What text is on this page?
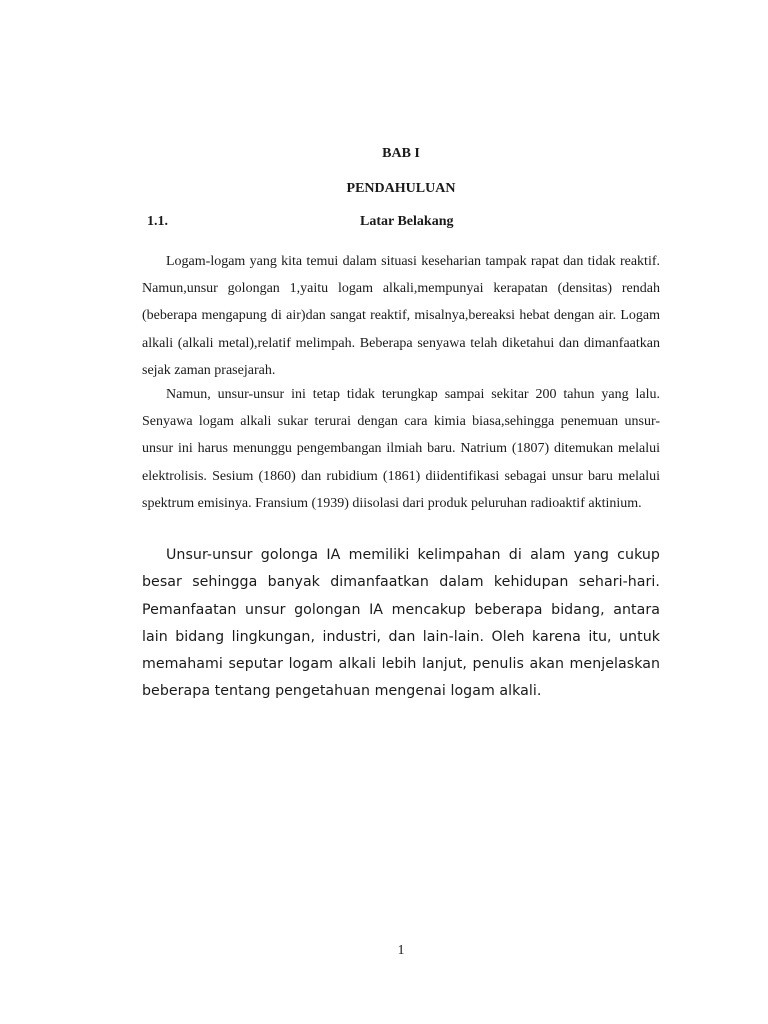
BAB I
PENDAHULUAN
1.1.	Latar Belakang

Logam-logam yang kita temui dalam situasi keseharian tampak rapat dan tidak reaktif. Namun,unsur golongan 1,yaitu logam alkali,mempunyai kerapatan (densitas) rendah (beberapa mengapung di air)dan sangat reaktif, misalnya,bereaksi hebat dengan air. Logam alkali (alkali metal),relatif melimpah. Beberapa senyawa telah diketahui dan dimanfaatkan sejak zaman prasejarah.

Namun, unsur-unsur ini tetap tidak terungkap sampai sekitar 200 tahun yang lalu. Senyawa logam alkali sukar terurai dengan cara kimia biasa,sehingga penemuan unsur-unsur ini harus menunggu pengembangan ilmiah baru. Natrium (1807) ditemukan melalui elektrolisis. Sesium (1860) dan rubidium (1861) diidentifikasi sebagai unsur baru melalui spektrum emisinya. Fransium (1939) diisolasi dari produk peluruhan radioaktif aktinium.

Unsur-unsur golonga IA memiliki kelimpahan di alam yang cukup besar sehingga banyak dimanfaatkan dalam kehidupan sehari-hari. Pemanfaatan unsur golongan IA mencakup beberapa bidang, antara lain bidang lingkungan, industri, dan lain-lain. Oleh karena itu, untuk memahami seputar logam alkali lebih lanjut, penulis akan menjelaskan beberapa tentang pengetahuan mengenai logam alkali.

1
